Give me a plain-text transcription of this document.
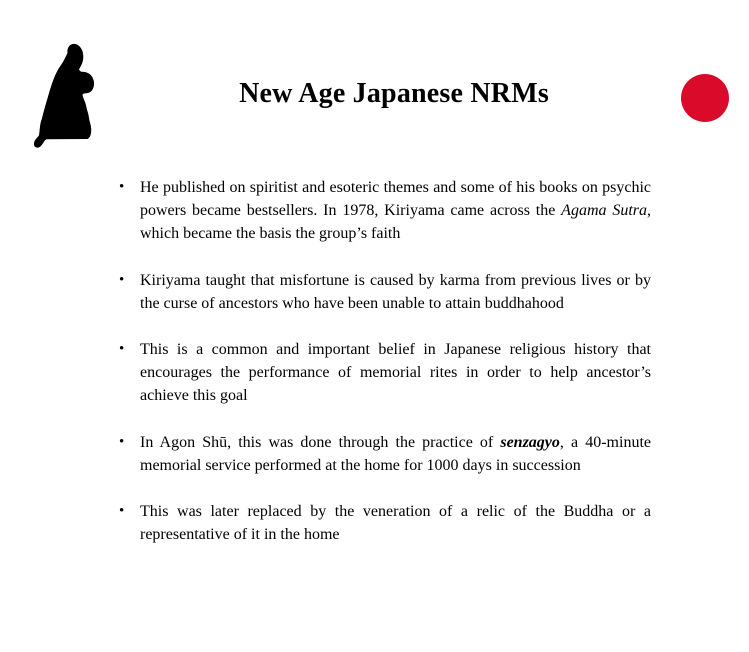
New Age Japanese NRMs
• He published on spiritist and esoteric themes and some of his books on psychic powers became bestsellers. In 1978, Kiriyama came across the Agama Sutra, which became the basis the group’s faith
• Kiriyama taught that misfortune is caused by karma from previous lives or by the curse of ancestors who have been unable to attain buddhahood
• This is a common and important belief in Japanese religious history that encourages the performance of memorial rites in order to help ancestor’s achieve this goal
• In Agon Shū, this was done through the practice of senzagyo, a 40-minute memorial service performed at the home for 1000 days in succession
• This was later replaced by the veneration of a relic of the Buddha or a representative of it in the home
